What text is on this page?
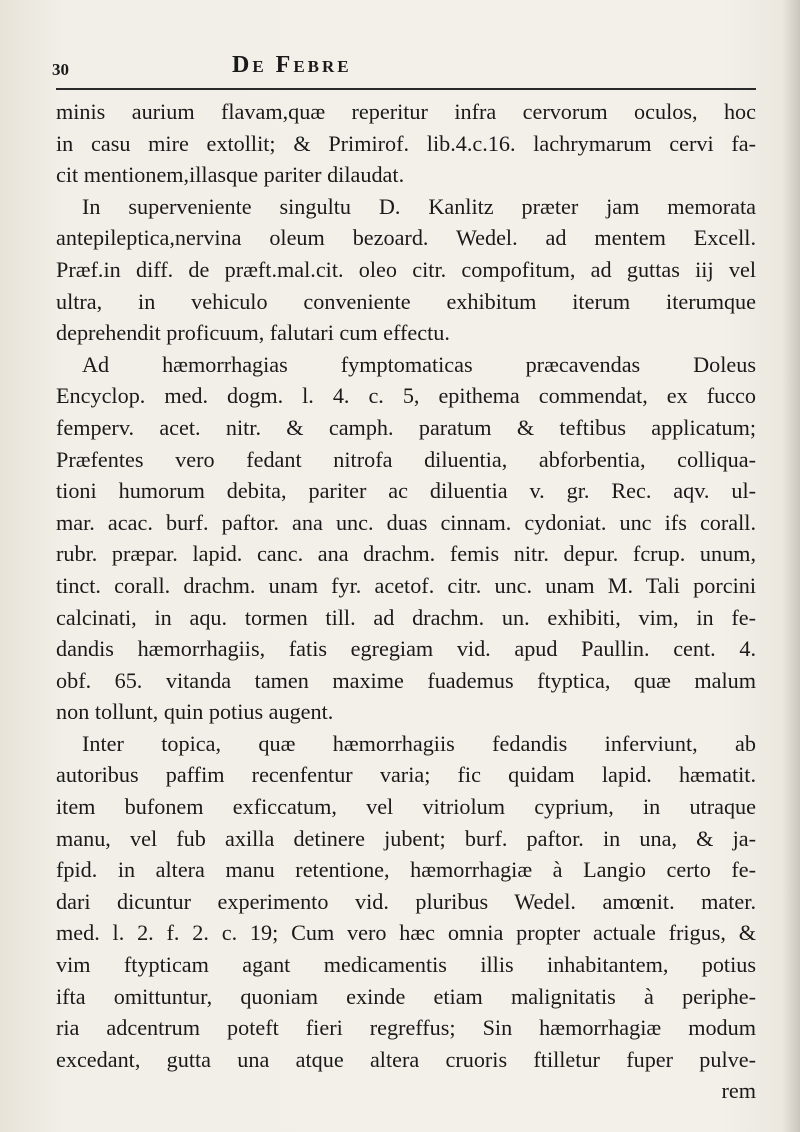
30	De Febre
minis aurium flavam,quæ reperitur infra cervorum oculos, hoc
in casu mire extollit; & Primirof. lib.4.c.16. lachrymarum cervi fa-
cit mentionem,illasque pariter dilaudat.
In superveniente singultu D. Kanlitz præter jam memorata
antepileptica,nervina oleum bezoard. Wedel. ad mentem Excell.
Præf.in diff. de præft.mal.cit. oleo citr. compofitum, ad guttas iij vel
ultra, in vehiculo conveniente exhibitum iterum iterumque
deprehendit proficuum, falutari cum effectu.
Ad hæmorrhagias fymptomaticas præcavendas Doleus
Encyclop. med. dogm. l. 4. c. 5, epithema commendat, ex fucco
femperv. acet. nitr. & camph. paratum & teftibus applicatum;
Præfentes vero fedant nitrofa diluentia, abforbentia, colliqua-
tioni humorum debita, pariter ac diluentia v. gr. Rec. aqv. ul-
mar. acac. burf. paftor. ana unc. duas cinnam. cydoniat. unc ifs corall.
rubr. præpar. lapid. canc. ana drachm. femis nitr. depur. fcrup. unum,
tinct. corall. drachm. unam fyr. acetof. citr. unc. unam M. Tali porcini
calcinati, in aqu. tormen till. ad drachm. un. exhibiti, vim, in fe-
dandis hæmorrhagiis, fatis egregiam vid. apud Paullin. cent. 4.
obf. 65. vitanda tamen maxime fuademus ftyptica, quæ malum
non tollunt, quin potius augent.
Inter topica, quæ hæmorrhagiis fedandis inferviunt, ab
autoribus paffim recenfentur varia; fic quidam lapid. hæmatit.
item bufonem exficcatum, vel vitriolum cyprium, in utraque
manu, vel fub axilla detinere jubent; burf. paftor. in una, & ja-
fpid. in altera manu retentione, hæmorrhagiæ à Langio certo fe-
dari dicuntur experimento vid. pluribus Wedel. amœnit. mater.
med. l. 2. f. 2. c. 19; Cum vero hæc omnia propter actuale frigus, &
vim ftypticam agant medicamentis illis inhabitantem, potius
ifta omittuntur, quoniam exinde etiam malignitatis à periphe-
ria adcentrum poteft fieri regreffus; Sin hæmorrhagiæ modum
excedant, gutta una atque altera cruoris ftilletur fuper pulve-
rem
